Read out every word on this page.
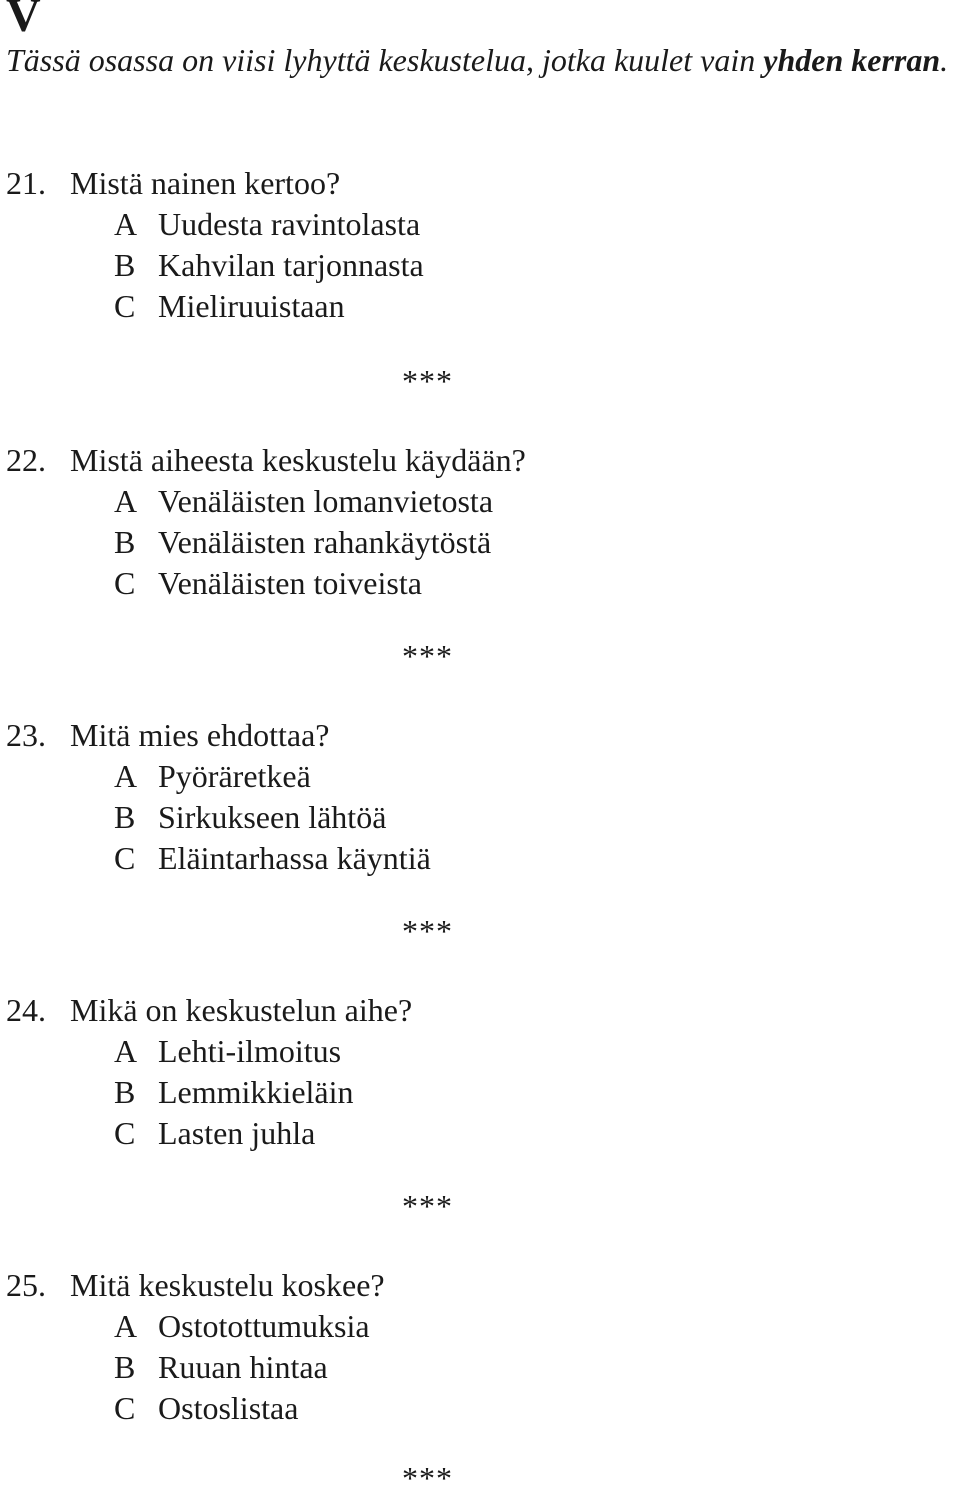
V

Tässä osassa on viisi lyhyttä keskustelua, jotka kuulet vain yhden kerran.

21. Mistä nainen kertoo?
A Uudesta ravintolasta
B Kahvilan tarjonnasta
C Mieliruuistaan
***
22. Mistä aiheesta keskustelu käydään?
A Venäläisten lomanvietosta
B Venäläisten rahankäytöstä
C Venäläisten toiveista
***
23. Mitä mies ehdottaa?
A Pyöräretkeä
B Sirkukseen lähtöä
C Eläintarhassa käyntiä
***
24. Mikä on keskustelun aihe?
A Lehti-ilmoitus
B Lemmikkieläin
C Lasten juhla
***
25. Mitä keskustelu koskee?
A Ostotottumuksia
B Ruuan hintaa
C Ostoslistaa
***
